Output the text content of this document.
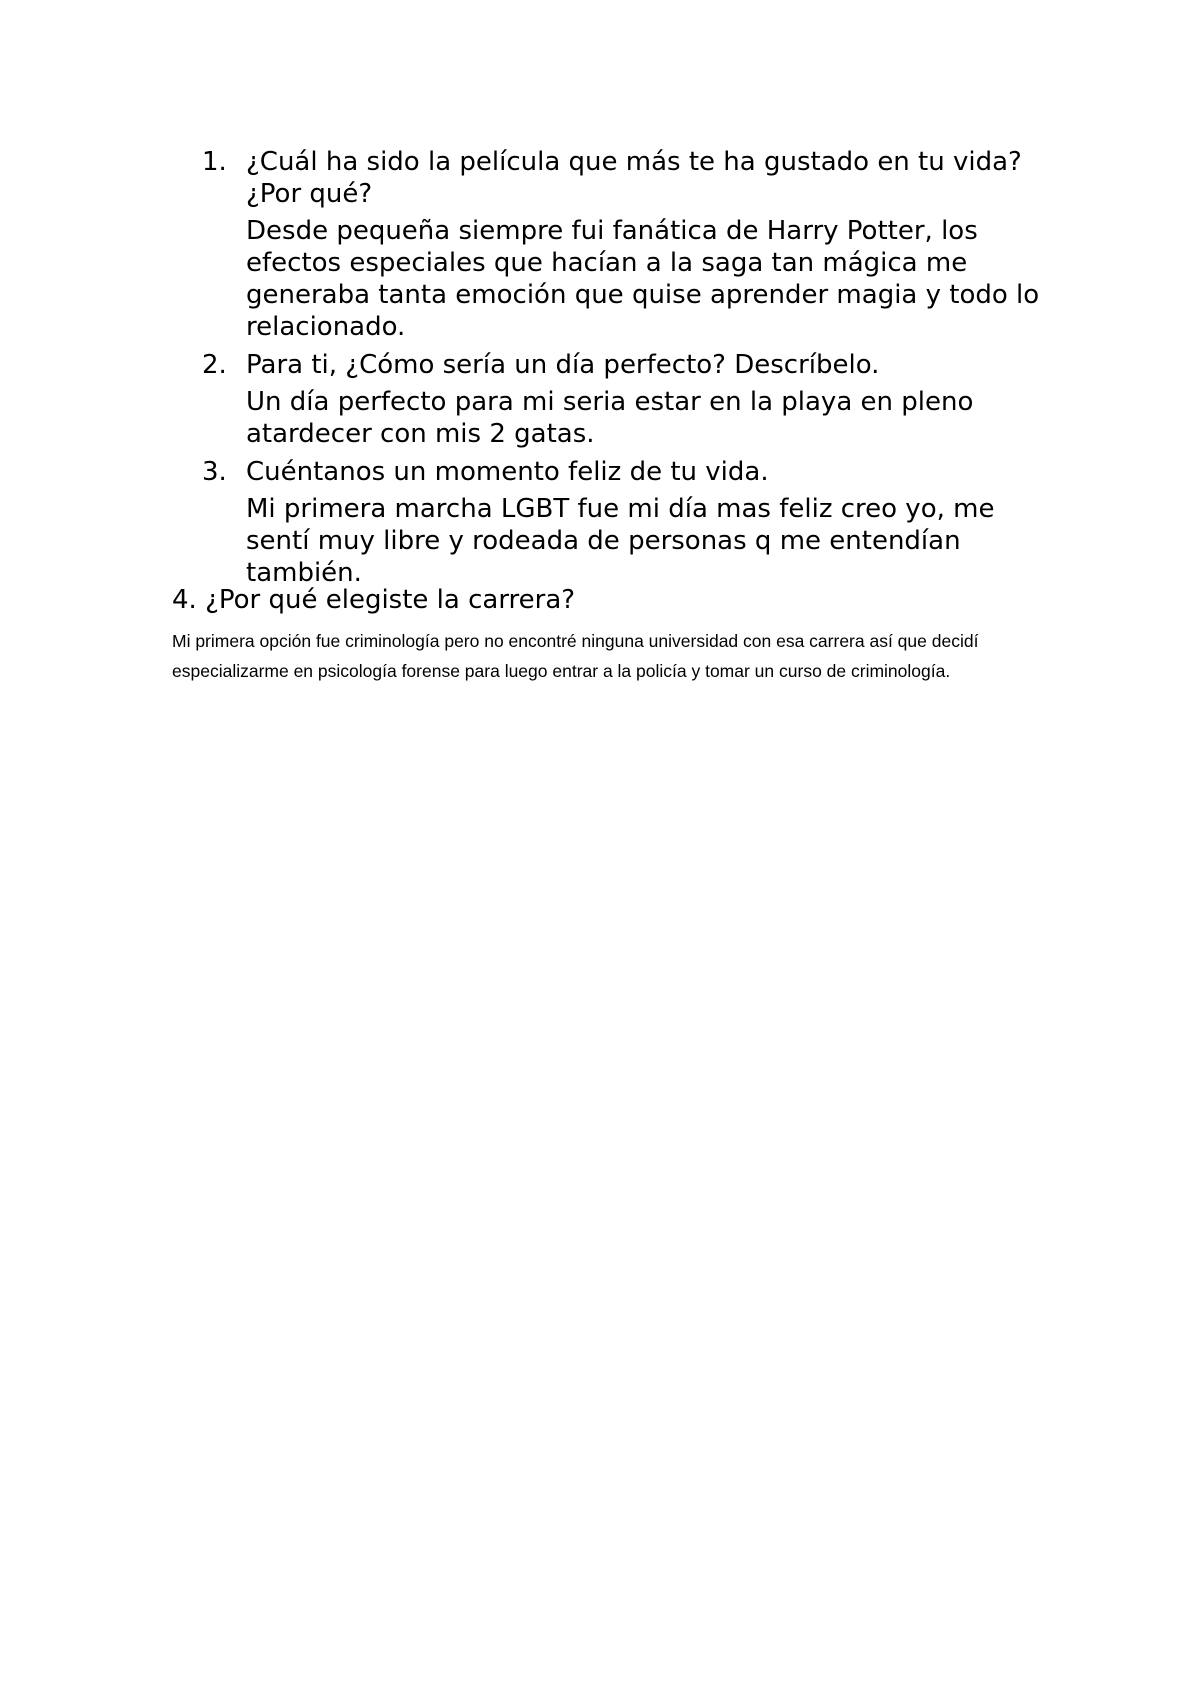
1. ¿Cuál ha sido la película que más te ha gustado en tu vida? ¿Por qué?
Desde pequeña siempre fui fanática de Harry Potter, los efectos especiales que hacían a la saga tan mágica me generaba tanta emoción que quise aprender magia y todo lo relacionado.
2. Para ti, ¿Cómo sería un día perfecto? Descríbelo.
Un día perfecto para mi seria estar en la playa en pleno atardecer con mis 2 gatas.
3. Cuéntanos un momento feliz de tu vida.
Mi primera marcha LGBT fue mi día mas feliz creo yo, me sentí muy libre y rodeada de personas q me entendían también.

4. ¿Por qué elegiste la carrera?

Mi primera opción fue criminología pero no encontré ninguna universidad con esa carrera así que decidí especializarme en psicología forense para luego entrar a la policía y tomar un curso de criminología.
